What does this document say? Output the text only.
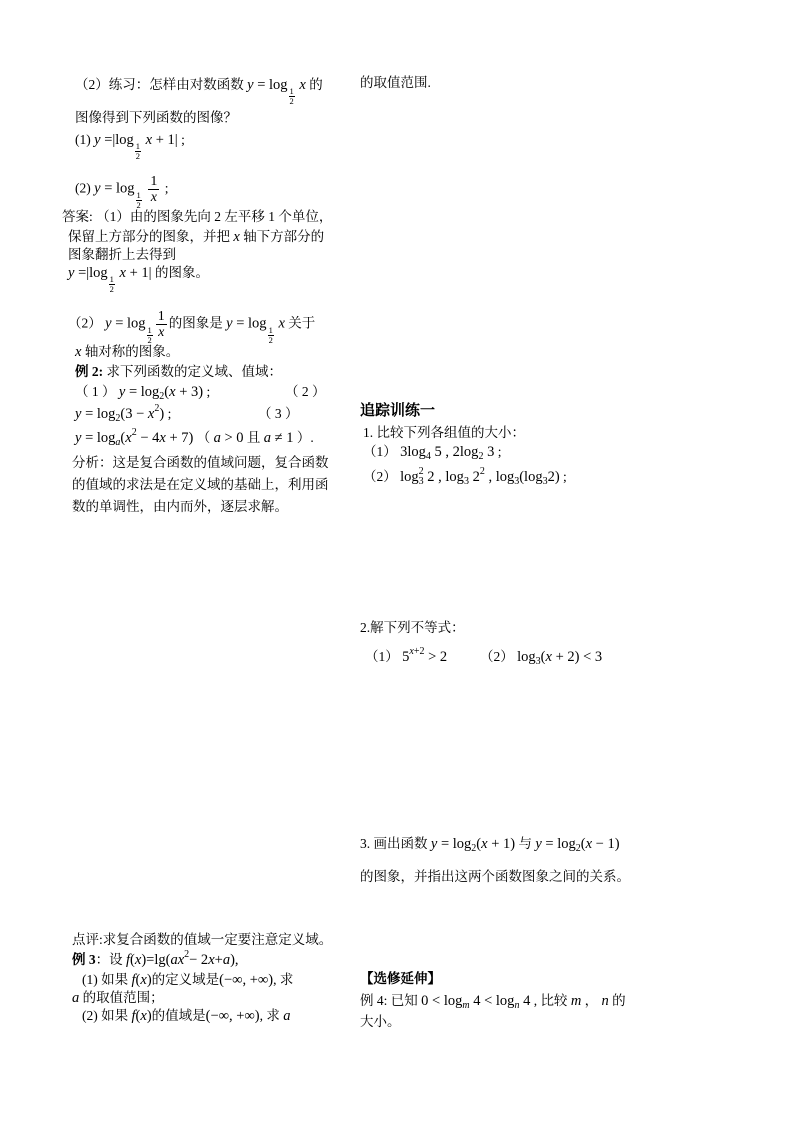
（2）练习：怎样由对数函数 y = log
$\frac{1}{2}$
x 的
图像得到下列函数的图像？
(1) y =|log
$\frac{1}{2}$
x + 1| ;
(2) y = log
$\frac{1}{2}$
$\frac{1}{x}$ ;
答案: （1）由的图象先向 2 左平移 1 个单位，
保留上方部分的图象，并把 x 轴下方部分的
图象翻折上去得到
y =|log
$\frac{1}{2}$
x + 1| 的图象。
（2） y = log
$\frac{1}{2} \frac{1}{x}$ 的图象是 y = log
$\frac{1}{2}$
x 关于
x 轴对称的图象。
例 2: 求下列函数的定义域、值域：
（ 1 ） $y = \log_2(x + 3)$ ;	（ 2 ）
$y = \log_2(3 - x^2)$ ;	（ 3 ）
$y = \log_a(x^2 - 4x + 7)$ （ a > 0 且 a ≠ 1 ）.
分析：这是复合函数的值域问题，复合函数
的值域的求法是在定义域的基础上，利用函
数的单调性，由内而外，逐层求解。
点评:求复合函数的值域一定要注意定义域。
例 3：设 $f(x)=\lg(ax^2- 2x+a)$,
(1) 如果 f(x)的定义域是(−∞, +∞), 求
a 的取值范围；
(2) 如果 f(x)的值域是(−∞, +∞), 求 a
的取值范围.
追踪训练一
1. 比较下列各组值的大小：
（1） $3\log_4$ 5 , $2\log_2$ 3 ;
（2） $\log_3^2 2$ , $\log_3 2^2$ , $\log_3(\log_32)$ ;
2.解下列不等式：
（1） $5^{x+2} > 2$ （2） $\log_3(x + 2) < 3$
3. 画出函数 $y = \log_2(x + 1)$ 与 $y = \log_2(x - 1)$
的图象，并指出这两个函数图象之间的关系。
【选修延伸】
例 4: 已知 $0 < \log_m 4 < \log_n 4$ , 比较 m ， n 的
大小。
